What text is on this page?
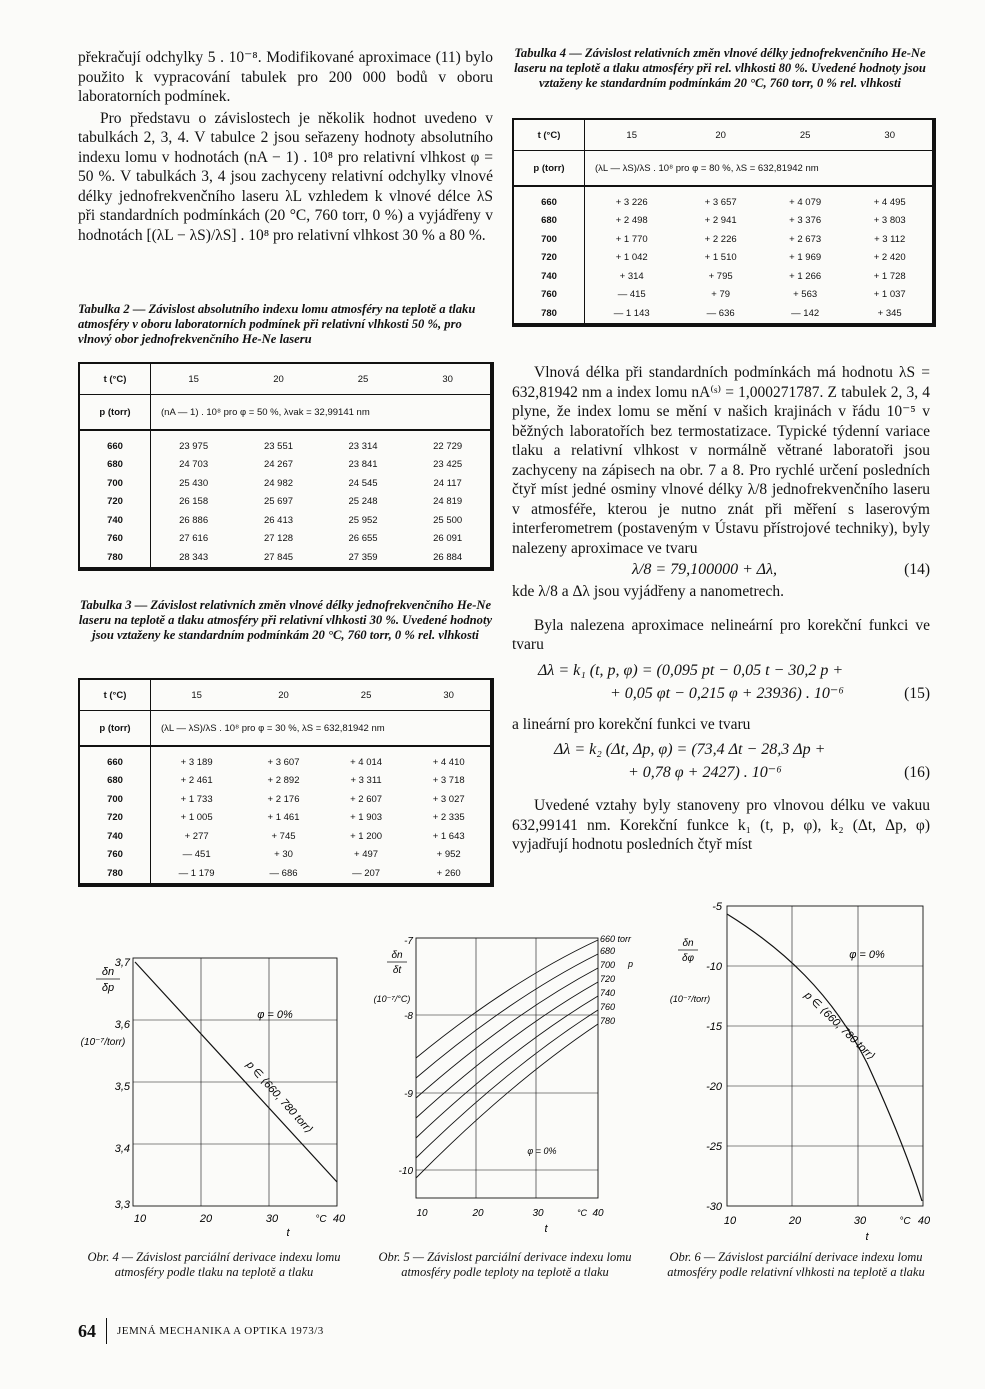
překračují odchylky 5 . 10⁻⁸. Modifikované aproximace (11) bylo použito k vypracování tabulek pro 200 000 bodů v oboru laboratorních podmínek.

Pro představu o závislostech je několik hodnot uvedeno v tabulkách 2, 3, 4. V tabulce 2 jsou seřazeny hodnoty absolutního indexu lomu v hodnotách (nA − 1) . 10⁸ pro relativní vlhkost φ = 50 %. V tabulkách 3, 4 jsou zachyceny relativní odchylky vlnové délky jednofrekvenčního laseru λL vzhledem k vlnové délce λS při standardních podmínkách (20 °C, 760 torr, 0 %) a vyjádřeny v hodnotách [(λL − λS)/λS] . 10⁸ pro relativní vlhkost 30 % a 80 %.

Tabulka 2 — Závislost absolutního indexu lomu atmosféry na teplotě a tlaku atmosféry v oboru laboratorních podmínek při relativní vlhkosti 50 %, pro vlnový obor jednofrekvenčního He-Ne laseru
t (°C)	15	20	25	30
p (torr)	(nA — 1) . 10⁸ pro φ = 50 %, λvak = 32,99141 nm			
660	23 975	23 551	23 314	22 729
680	24 703	24 267	23 841	23 425
700	25 430	24 982	24 545	24 117
720	26 158	25 697	25 248	24 819
740	26 886	26 413	25 952	25 500
760	27 616	27 128	26 655	26 091
780	28 343	27 845	27 359	26 884
Tabulka 3 — Závislost relativních změn vlnové délky jednofrekvenčního He-Ne laseru na teplotě a tlaku atmosféry při relativní vlhkosti 30 %. Uvedené hodnoty jsou vztaženy ke standardním podmínkám 20 °C, 760 torr, 0 % rel. vlhkosti
t (°C)	15	20	25	30
p (torr)	(λL — λS)/λS . 10⁸ pro φ = 30 %, λS = 632,81942 nm			
660	+ 3 189	+ 3 607	+ 4 014	+ 4 410
680	+ 2 461	+ 2 892	+ 3 311	+ 3 718
700	+ 1 733	+ 2 176	+ 2 607	+ 3 027
720	+ 1 005	+ 1 461	+ 1 903	+ 2 335
740	+ 277	+ 745	+ 1 200	+ 1 643
760	— 451	+ 30	+ 497	+ 952
780	— 1 179	— 686	— 207	+ 260
Tabulka 4 — Závislost relativních změn vlnové délky jednofrekvenčního He-Ne laseru na teplotě a tlaku atmosféry při rel. vlhkosti 80 %. Uvedené hodnoty jsou vztaženy ke standardním podmínkám 20 °C, 760 torr, 0 % rel. vlhkosti
t (°C)	15	20	25	30
p (torr)	(λL — λS)/λS . 10⁸ pro φ = 80 %, λS = 632,81942 nm			
660	+ 3 226	+ 3 657	+ 4 079	+ 4 495
680	+ 2 498	+ 2 941	+ 3 376	+ 3 803
700	+ 1 770	+ 2 226	+ 2 673	+ 3 112
720	+ 1 042	+ 1 510	+ 1 969	+ 2 420
740	+ 314	+ 795	+ 1 266	+ 1 728
760	— 415	+ 79	+ 563	+ 1 037
780	— 1 143	— 636	— 142	+ 345

Vlnová délka při standardních podmínkách má hodnotu λS = 632,81942 nm a index lomu nA⁽ˢ⁾ = 1,000271787. Z tabulek 2, 3, 4 plyne, že index lomu se mění v našich krajinách v řádu 10⁻⁵ v běžných laboratořích bez termostatizace. Typické týdenní variace tlaku a relativní vlhkost v normálně větrané laboratoři jsou zachyceny na zápisech na obr. 7 a 8. Pro rychlé určení posledních čtyř míst jedné osminy vlnové délky λ/8 jednofrekvenčního laseru v atmosféře, kterou je nutno znát při měření s laserovým interferometrem (postaveným v Ústavu přístrojové techniky), byly nalezeny aproximace ve tvaru

λ/8 = 79,100000 + Δλ,	(14)

kde λ/8 a Δλ jsou vyjádřeny a nanometrech.

Byla nalezena aproximace nelineární pro korekční funkci ve tvaru

Δλ = k₁ (t, p, φ) = (0,095 pt − 0,05 t − 30,2 p +
+ 0,05 φt − 0,215 φ + 23936) . 10⁻⁶	(15)

a lineární pro korekční funkci ve tvaru

Δλ = k₂ (Δt, Δp, φ) = (73,4 Δt − 28,3 Δp +
+ 0,78 φ + 2427) . 10⁻⁶	(16)

Uvedené vztahy byly stanoveny pro vlnovou délku ve vakuu 632,99141 nm. Korekční funkce k₁ (t, p, φ), k₂ (Δt, Δp, φ) vyjadřují hodnotu posledních čtyř míst

δn
δp
(10⁻⁷/torr)
3,7
3,6
3,5
3,4
3,3
10	20	30	40
°C
t
φ = 0%
p ∈ ⟨660, 780 torr⟩
Obr. 4 — Závislost parciální derivace indexu lomu atmosféry podle tlaku na teplotě a tlaku
δn
δt
(10⁻⁷/°C)
-7
-8
-9
-10
10	20	30	40
°C
t
p
660 torr
680
700
720
740
760
780
φ = 0%
Obr. 5 — Závislost parciální derivace indexu lomu atmosféry podle teploty na teplotě a tlaku
δn
δφ
(10⁻⁷/torr)
-5
-10
-15
-20
-25
-30
10	20	30	40
°C
t
φ = 0%
p ∈ ⟨660, 780 torr⟩
Obr. 6 — Závislost parciální derivace indexu lomu atmosféry podle relativní vlhkosti na teplotě a tlaku
64 JEMNÁ MECHANIKA A OPTIKA 1973/3
